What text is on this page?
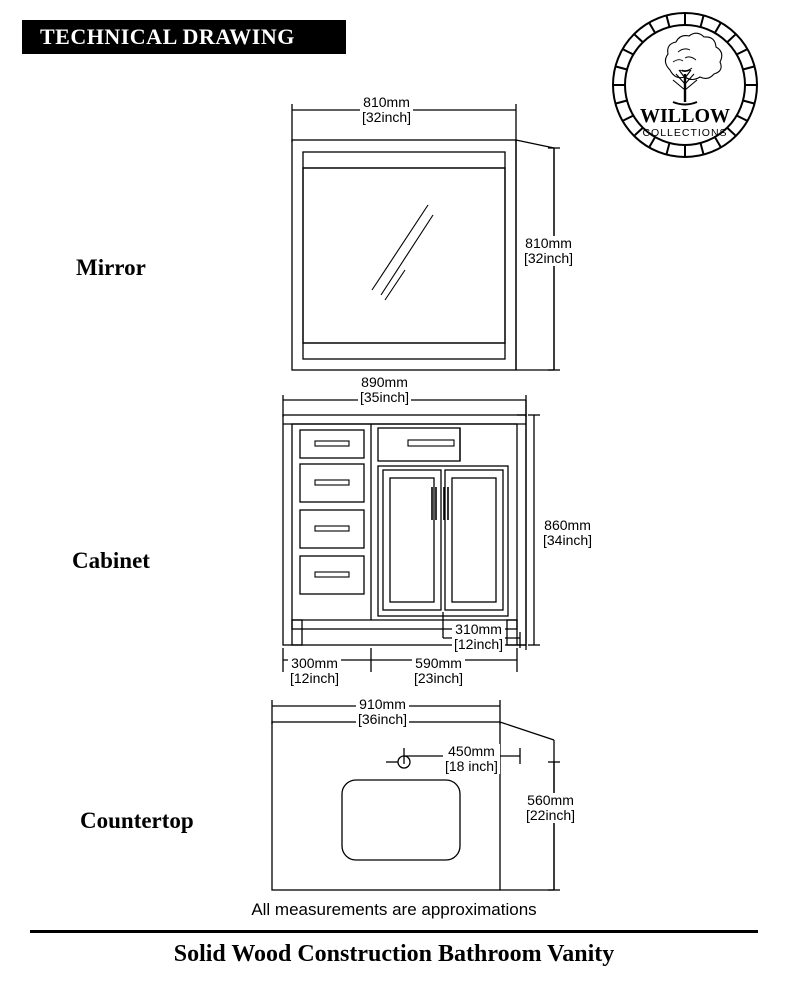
TECHNICAL DRAWING
WILLOW
COLLECTIONS
Mirror
Cabinet
Countertop
810mm
[32inch]
810mm
[32inch]
890mm
[35inch]
860mm
[34inch]
310mm
[12inch]
300mm
[12inch]
590mm
[23inch]
910mm
[36inch]
450mm
[18 inch]
560mm
[22inch]
All measurements are approximations
Solid Wood Construction Bathroom Vanity
